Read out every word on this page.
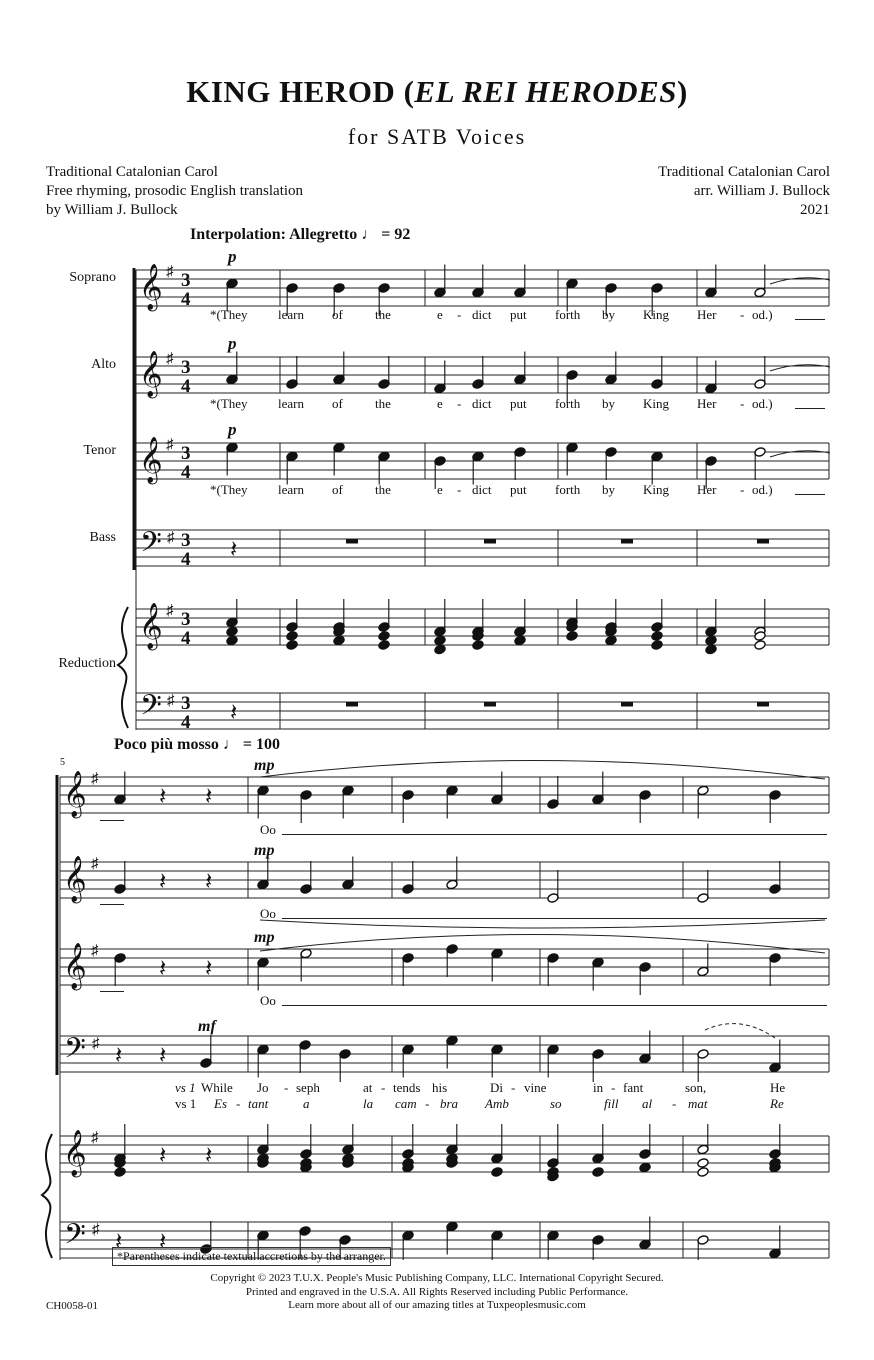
KING HEROD (EL REI HERODES)
for SATB Voices
Traditional Catalonian Carol
Free rhyming, prosodic English translation
by William J. Bullock
Traditional Catalonian Carol
arr. William J. Bullock
2021
Interpolation: Allegretto ♩ = 92
Soprano
Alto
Tenor
Bass
Reduction
*(They learn of the	e - dict put forth by King Her - od.)
*(They learn of the	e - dict put forth by King Her - od.)
*(They learn of the	e - dict put forth by King Her - od.)
5
Poco più mosso ♩ = 100
Oo
Oo
Oo
vs 1 While Jo - seph	at - tends his	Di - vine	in - fant	son,	He
vs 1 Es - tant	a	la cam - bra Amb	so	fill al - mat	Re
𝄞 ♯ 3
4
𝄞 ♯ 3
4
𝄞 ♯ 3
4
𝄢 ♯ 3
4
𝄞 ♯ 3
4
𝄢 ♯ 3
4
p
p
p
𝄽
𝄽
𝄞 ♯
𝄞 ♯
𝄞 ♯
𝄢 ♯
𝄞 ♯
𝄢 ♯
mp
mp
mp
mf
𝄽 𝄽
𝄽 𝄽
𝄽 𝄽
𝄽 𝄽
𝄽 𝄽
𝄽 𝄽
*Parentheses indicate textual accretions by the arranger.
Copyright © 2023 T.U.X. People's Music Publishing Company, LLC. International Copyright Secured.
Printed and engraved in the U.S.A. All Rights Reserved including Public Performance.
Learn more about all of our amazing titles at Tuxpeoplesmusic.com
CH0058-01
